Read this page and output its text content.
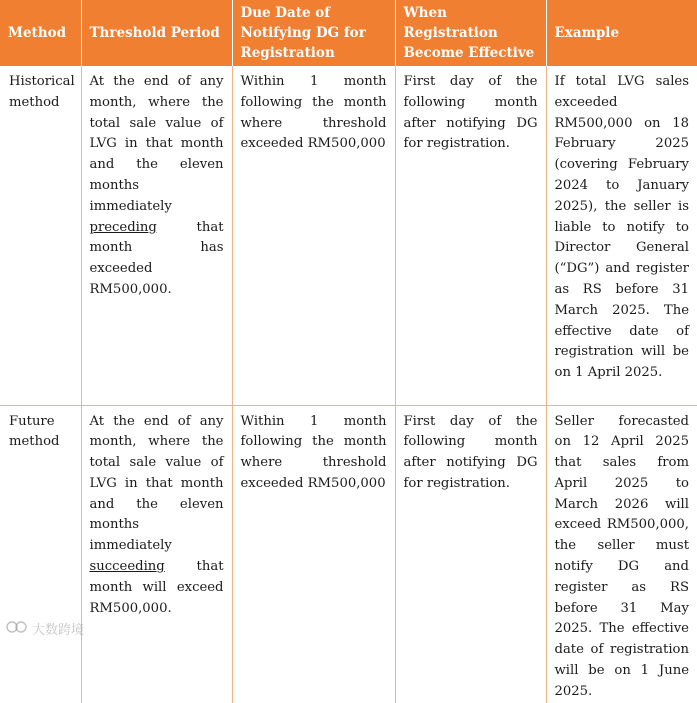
Method	Threshold Period	Due Date of Notifying DG for Registration	When Registration Become Effective	Example
Historical method	At the end of any month, where the total sale value of LVG in that month and the eleven months immediately preceding that month has exceeded RM500,000.	Within 1 month following the month where threshold exceeded RM500,000	First day of the following month after notifying DG for registration.	If total LVG sales exceeded RM500,000 on 18 February 2025 (covering February 2024 to January 2025), the seller is liable to notify to Director General (“DG”) and register as RS before 31 March 2025. The effective date of registration will be on 1 April 2025.
Future method	At the end of any month, where the total sale value of LVG in that month and the eleven months immediately succeeding that month will exceed RM500,000.	Within 1 month following the month where threshold exceeded RM500,000	First day of the following month after notifying DG for registration.	Seller forecasted on 12 April 2025 that sales from April 2025 to March 2026 will exceed RM500,000, the seller must notify DG and register as RS before 31 May 2025. The effective date of registration will be on 1 June 2025.
大数跨境
